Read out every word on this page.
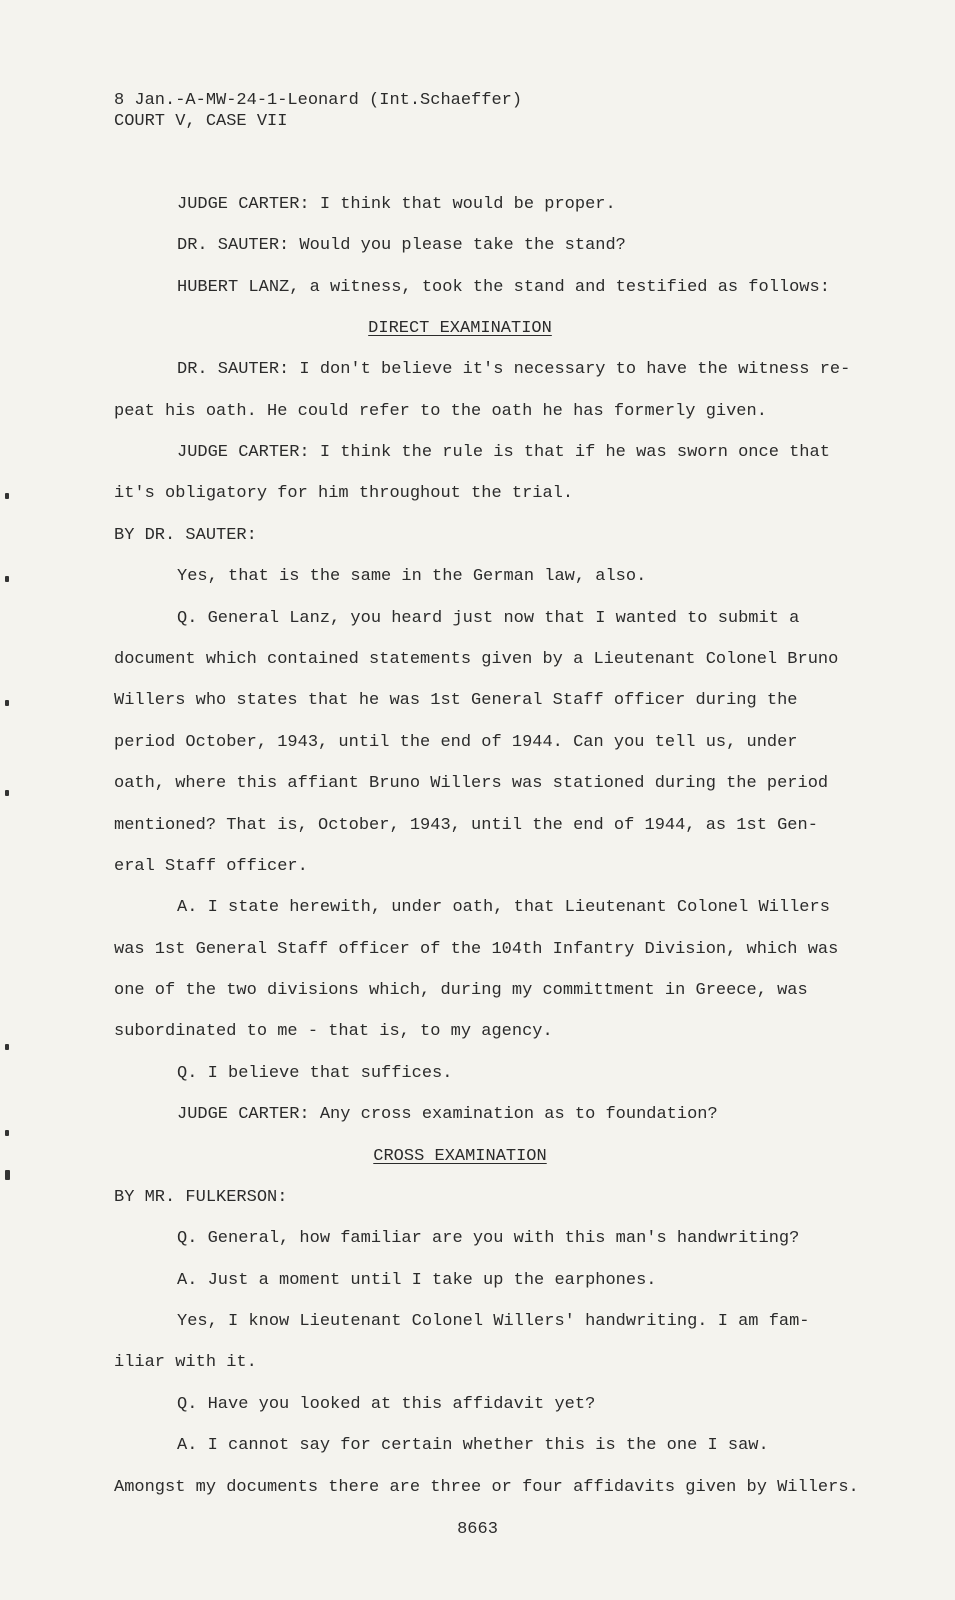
8 Jan.-A-MW-24-1-Leonard (Int.Schaeffer)
COURT V, CASE VII
JUDGE CARTER: I think that would be proper.
DR. SAUTER: Would you please take the stand?
HUBERT LANZ, a witness, took the stand and testified as follows:
DIRECT EXAMINATION
DR. SAUTER: I don't believe it's necessary to have the witness re-
peat his oath. He could refer to the oath he has formerly given.
JUDGE CARTER: I think the rule is that if he was sworn once that
it's obligatory for him throughout the trial.
BY DR. SAUTER:
Yes, that is the same in the German law, also.
Q. General Lanz, you heard just now that I wanted to submit a
document which contained statements given by a Lieutenant Colonel Bruno
Willers who states that he was 1st General Staff officer during the
period October, 1943, until the end of 1944. Can you tell us, under
oath, where this affiant Bruno Willers was stationed during the period
mentioned? That is, October, 1943, until the end of 1944, as 1st Gen-
eral Staff officer.
A. I state herewith, under oath, that Lieutenant Colonel Willers
was 1st General Staff officer of the 104th Infantry Division, which was
one of the two divisions which, during my committment in Greece, was
subordinated to me - that is, to my agency.
Q. I believe that suffices.
JUDGE CARTER: Any cross examination as to foundation?
CROSS EXAMINATION
BY MR. FULKERSON:
Q. General, how familiar are you with this man's handwriting?
A. Just a moment until I take up the earphones.
Yes, I know Lieutenant Colonel Willers' handwriting. I am fam-
iliar with it.
Q. Have you looked at this affidavit yet?
A. I cannot say for certain whether this is the one I saw.
Amongst my documents there are three or four affidavits given by Willers.
8663
